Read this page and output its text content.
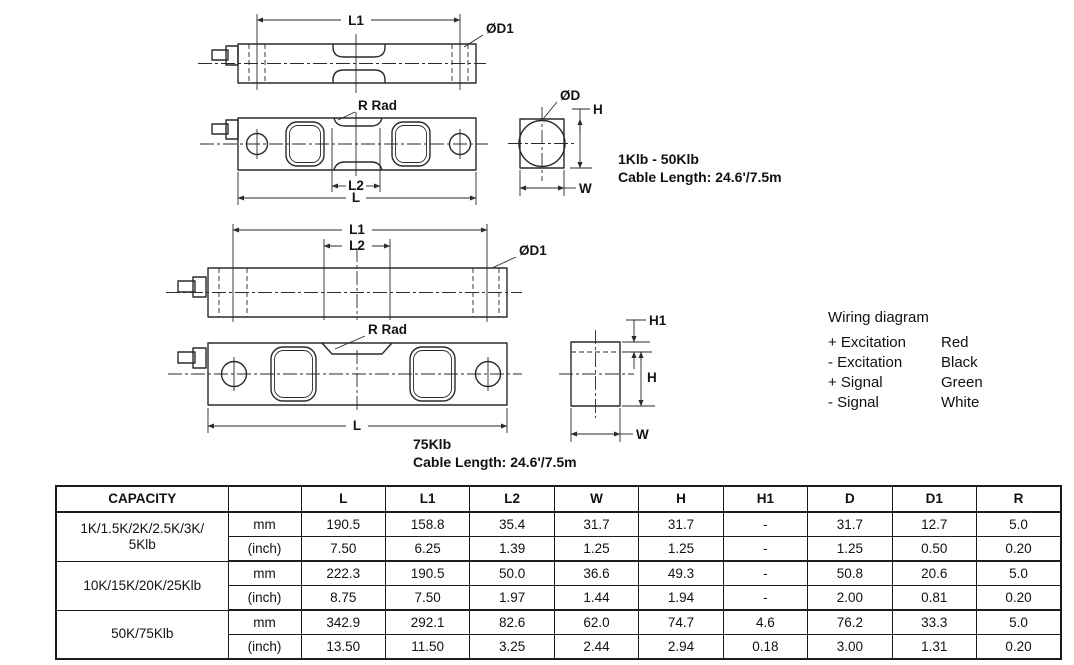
L1
ØD1
R Rad
L2
L
ØD
H
W
L1
L2	ØD1
R Rad
L
H1
H
W
1Klb - 50Klb
Cable Length: 24.6'/7.5m
75Klb
Cable Length: 24.6'/7.5m
Wiring diagram
+ Excitation	Red
- Excitation	Black
+ Signal	Green
- Signal	White
CAPACITY		L	L1	L2	W	H	H1	D	D1	R

1K/1.5K/2K/2.5K/3K/
5Klb	mm	190.5	158.8	35.4	31.7	31.7	-	31.7	12.7	5.0
	(inch)	7.50	6.25	1.39	1.25	1.25	-	1.25	0.50	0.20

10K/15K/20K/25Klb	mm	222.3	190.5	50.0	36.6	49.3	-	50.8	20.6	5.0
	(inch)	8.75	7.50	1.97	1.44	1.94	-	2.00	0.81	0.20

50K/75Klb	mm	342.9	292.1	82.6	62.0	74.7	4.6	76.2	33.3	5.0
	(inch)	13.50	11.50	3.25	2.44	2.94	0.18	3.00	1.31	0.20
